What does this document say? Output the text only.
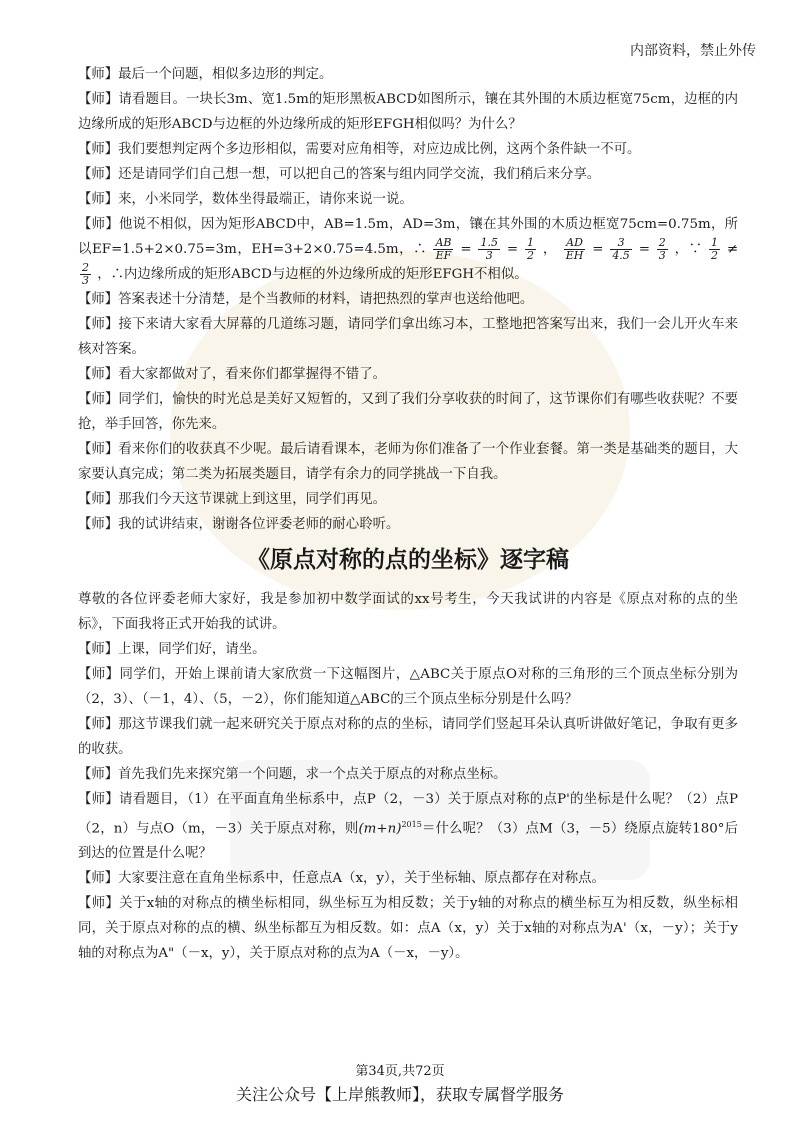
内部资料，禁止外传

【师】最后一个问题，相似多边形的判定。

【师】请看题目。一块长3m、宽1.5m的矩形黑板ABCD如图所示，镶在其外围的木质边框宽75cm，边框的内边缘所成的矩形ABCD与边框的外边缘所成的矩形EFGH相似吗？为什么？

【师】我们要想判定两个多边形相似，需要对应角相等，对应边成比例，这两个条件缺一不可。

【师】还是请同学们自己想一想，可以把自己的答案与组内同学交流，我们稍后来分享。

【师】来，小米同学，数体坐得最端正，请你来说一说。

【师】他说不相似，因为矩形ABCD中，AB=1.5m，AD=3m，镶在其外围的木质边框宽75cm=0.75m，所以EF=1.5+2×0.75=3m，EH=3+2×0.75=4.5m，∴ $\frac{AB}{EF} = \frac{1.5}{3} = \frac{1}{2}$ ， $\frac{AD}{EH} = \frac{3}{4.5} = \frac{2}{3}$ ，∵ $\frac{1}{2}$ ≠
$\frac{2}{3}$ ，∴内边缘所成的矩形ABCD与边框的外边缘所成的矩形EFGH不相似。

【师】答案表述十分清楚，是个当教师的材料，请把热烈的掌声也送给他吧。

【师】接下来请大家看大屏幕的几道练习题，请同学们拿出练习本，工整地把答案写出来，我们一会儿开火车来核对答案。

【师】看大家都做对了，看来你们都掌握得不错了。

【师】同学们，愉快的时光总是美好又短暂的，又到了我们分享收获的时间了，这节课你们有哪些收获呢？不要抢，举手回答，你先来。

【师】看来你们的收获真不少呢。最后请看课本，老师为你们准备了一个作业套餐。第一类是基础类的题目，大家要认真完成；第二类为拓展类题目，请学有余力的同学挑战一下自我。

【师】那我们今天这节课就上到这里，同学们再见。

【师】我的试讲结束，谢谢各位评委老师的耐心聆听。

《原点对称的点的坐标》逐字稿

尊敬的各位评委老师大家好，我是参加初中数学面试的xx号考生，今天我试讲的内容是《原点对称的点的坐标》，下面我将正式开始我的试讲。

【师】上课，同学们好，请坐。

【师】同学们，开始上课前请大家欣赏一下这幅图片，△ABC关于原点O对称的三角形的三个顶点坐标分别为（2，3）、（－1，4）、（5，－2），你们能知道△ABC的三个顶点坐标分别是什么吗？

【师】那这节课我们就一起来研究关于原点对称的点的坐标，请同学们竖起耳朵认真听讲做好笔记，争取有更多的收获。

【师】首先我们先来探究第一个问题，求一个点关于原点的对称点坐标。

【师】请看题目，（1）在平面直角坐标系中，点P（2，－3）关于原点对称的点P'的坐标是什么呢？（2）点P（2，n）与点O（m，－3）关于原点对称，则$(m+n)^{2015}=$什么呢？（3）点M（3，－5）绕原点旋转180°后到达的位置是什么呢？

【师】大家要注意在直角坐标系中，任意点A（x，y），关于坐标轴、原点都存在对称点。

【师】关于x轴的对称点的横坐标相同，纵坐标互为相反数；关于y轴的对称点的横坐标互为相反数，纵坐标相同，关于原点对称的点的横、纵坐标都互为相反数。如：点A（x，y）关于x轴的对称点为A'（x，－y）；关于y轴的对称点为A"（－x，y），关于原点对称的点为A（－x，－y）。

第34页,共72页
关注公众号【上岸熊教师】，获取专属督学服务
